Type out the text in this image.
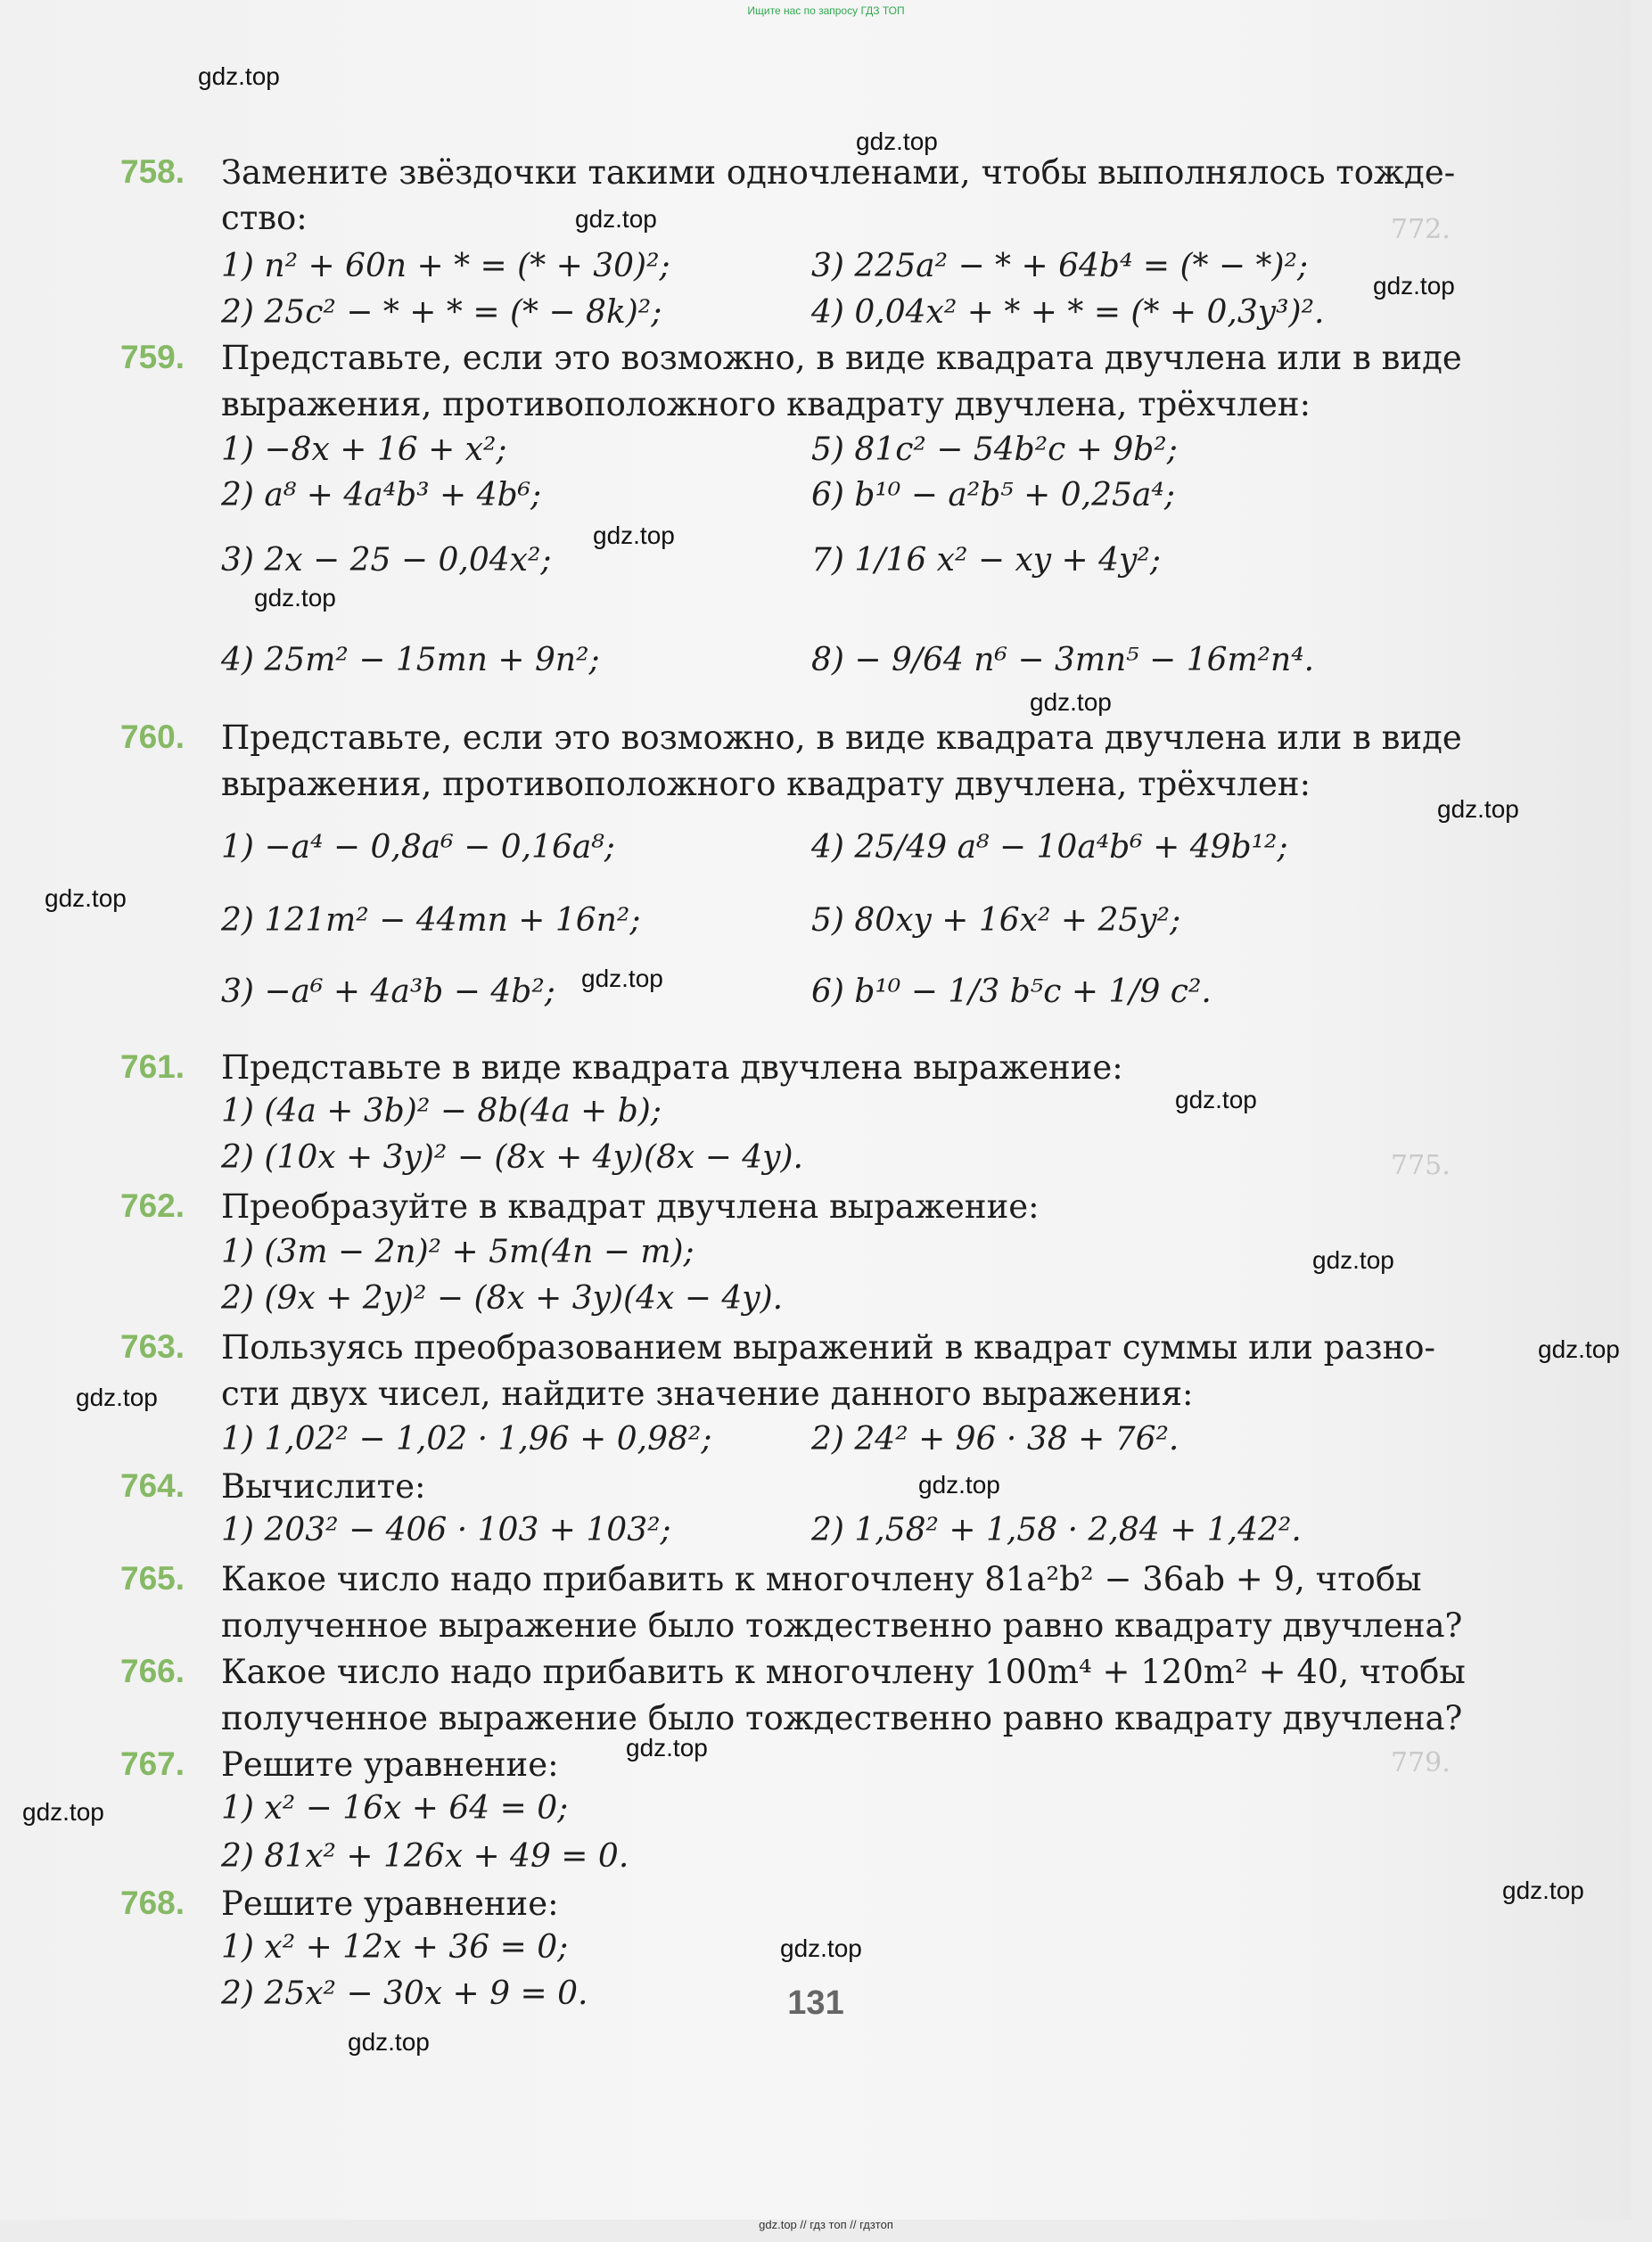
Ищите нас по запросу ГДЗ ТОП
772.
775.
779.
758. Замените звёздочки такими одночленами, чтобы выполнялось тожде-
ство:
1) n² + 60n + * = (* + 30)²;	3) 225a² − * + 64b⁴ = (* − *)²;
2) 25c² − * + * = (* − 8k)²;	4) 0,04x² + * + * = (* + 0,3y³)².
759. Представьте, если это возможно, в виде квадрата двучлена или в виде
выражения, противоположного квадрату двучлена, трёхчлен:
1) −8x + 16 + x²;	5) 81c² − 54b²c + 9b²;
2) a⁸ + 4a⁴b³ + 4b⁶;	6) b¹⁰ − a²b⁵ + 0,25a⁴;
3) 2x − 25 − 0,04x²;	7) 1/16 x² − xy + 4y²;
4) 25m² − 15mn + 9n²;	8) − 9/64 n⁶ − 3mn⁵ − 16m²n⁴.
760. Представьте, если это возможно, в виде квадрата двучлена или в виде
выражения, противоположного квадрату двучлена, трёхчлен:
1) −a⁴ − 0,8a⁶ − 0,16a⁸;	4) 25/49 a⁸ − 10a⁴b⁶ + 49b¹²;
2) 121m² − 44mn + 16n²;	5) 80xy + 16x² + 25y²;
3) −a⁶ + 4a³b − 4b²;	6) b¹⁰ − 1/3 b⁵c + 1/9 c².
761. Представьте в виде квадрата двучлена выражение:
1) (4a + 3b)² − 8b(4a + b);
2) (10x + 3y)² − (8x + 4y)(8x − 4y).
762. Преобразуйте в квадрат двучлена выражение:
1) (3m − 2n)² + 5m(4n − m);
2) (9x + 2y)² − (8x + 3y)(4x − 4y).
763. Пользуясь преобразованием выражений в квадрат суммы или разно-
сти двух чисел, найдите значение данного выражения:
1) 1,02² − 1,02 · 1,96 + 0,98²;	2) 24² + 96 · 38 + 76².
764. Вычислите:
1) 203² − 406 · 103 + 103²;	2) 1,58² + 1,58 · 2,84 + 1,42².
765. Какое число надо прибавить к многочлену 81a²b² − 36ab + 9, чтобы
полученное выражение было тождественно равно квадрату двучлена?
766. Какое число надо прибавить к многочлену 100m⁴ + 120m² + 40, чтобы
полученное выражение было тождественно равно квадрату двучлена?
767. Решите уравнение:
1) x² − 16x + 64 = 0;
2) 81x² + 126x + 49 = 0.
768. Решите уравнение:
1) x² + 12x + 36 = 0;
2) 25x² − 30x + 9 = 0.	131
gdz.top
gdz.top
gdz.top
gdz.top
gdz.top
gdz.top
gdz.top
gdz.top
gdz.top
gdz.top
gdz.top
gdz.top
gdz.top
gdz.top
gdz.top
gdz.top
gdz.top
gdz.top
gdz.top
gdz.top
gdz.top // гдз топ // гдзтоп
